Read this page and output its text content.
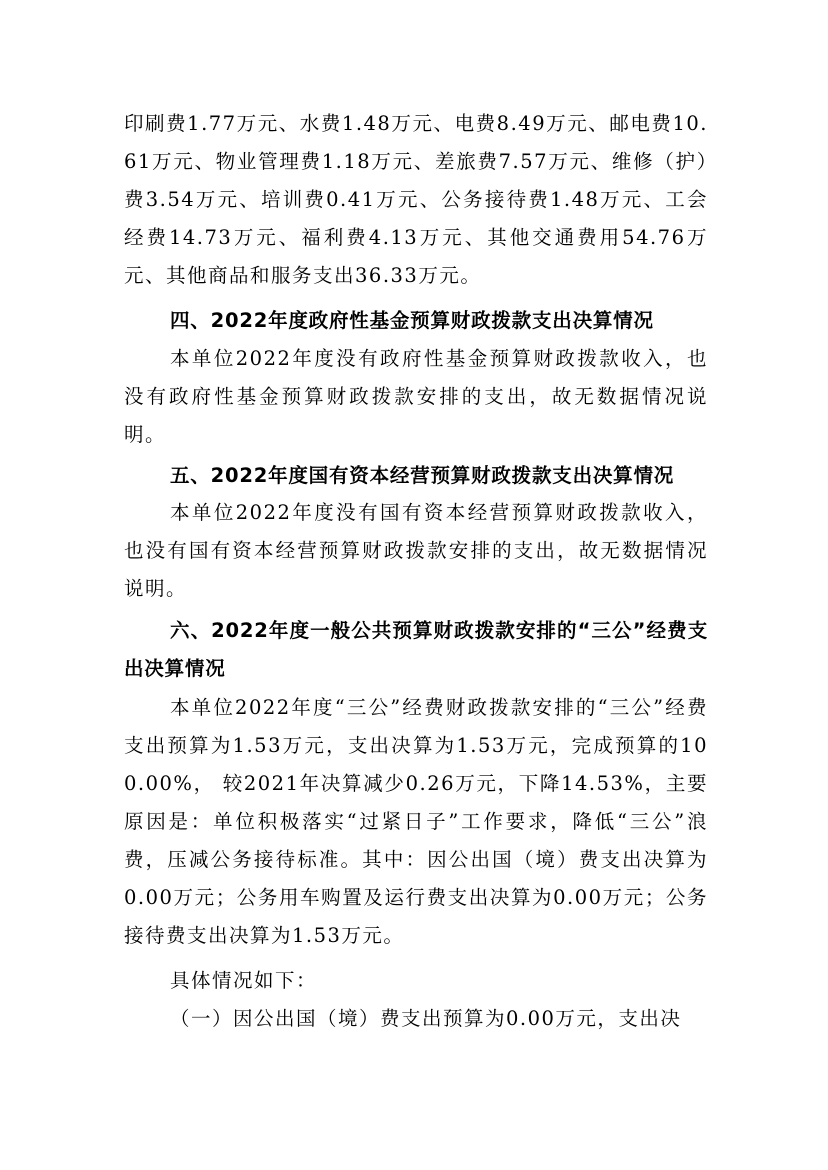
印刷费1.77万元、水费1.48万元、电费8.49万元、邮电费10.61万元、物业管理费1.18万元、差旅费7.57万元、维修（护）费3.54万元、培训费0.41万元、公务接待费1.48万元、工会经费14.73万元、福利费4.13万元、其他交通费用54.76万元、其他商品和服务支出36.33万元。

四、2022年度政府性基金预算财政拨款支出决算情况

本单位2022年度没有政府性基金预算财政拨款收入，也没有政府性基金预算财政拨款安排的支出，故无数据情况说明。

五、2022年度国有资本经营预算财政拨款支出决算情况

本单位2022年度没有国有资本经营预算财政拨款收入，也没有国有资本经营预算财政拨款安排的支出，故无数据情况说明。

六、2022年度一般公共预算财政拨款安排的“三公”经费支出决算情况

本单位2022年度“三公”经费财政拨款安排的“三公”经费支出预算为1.53万元，支出决算为1.53万元，完成预算的100.00%， 较2021年决算减少0.26万元，下降14.53%，主要原因是：单位积极落实“过紧日子”工作要求，降低“三公”浪费，压减公务接待标准。其中：因公出国（境）费支出决算为0.00万元；公务用车购置及运行费支出决算为0.00万元；公务接待费支出决算为1.53万元。

具体情况如下：

（一）因公出国（境）费支出预算为0.00万元，支出决
